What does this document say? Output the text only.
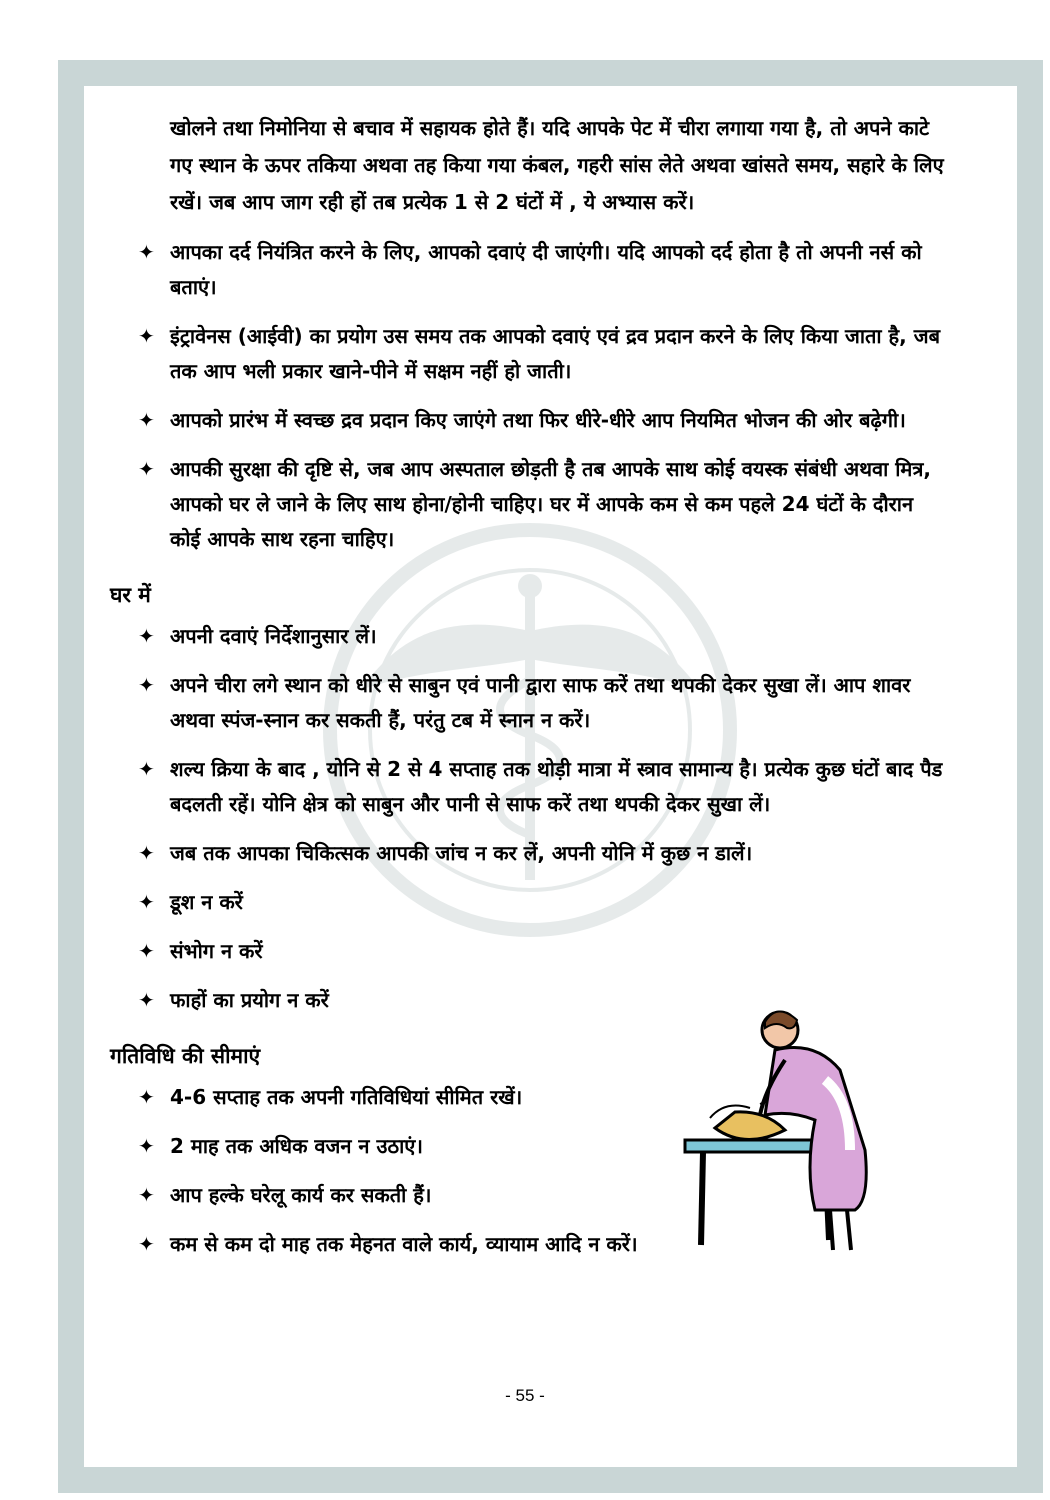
खोलने तथा निमोनिया से बचाव में सहायक होते हैं। यदि आपके पेट में चीरा लगाया गया है, तो अपने काटे गए स्थान के ऊपर तकिया अथवा तह किया गया कंबल, गहरी सांस लेते अथवा खांसते समय, सहारे के लिए रखें। जब आप जाग रही हों तब प्रत्येक 1 से 2 घंटों में , ये अभ्यास करें।

✦ आपका दर्द नियंत्रित करने के लिए, आपको दवाएं दी जाएंगी। यदि आपको दर्द होता है तो अपनी नर्स को बताएं।
✦ इंट्रावेनस (आईवी) का प्रयोग उस समय तक आपको दवाएं एवं द्रव प्रदान करने के लिए किया जाता है, जब तक आप भली प्रकार खाने-पीने में सक्षम नहीं हो जाती।
✦ आपको प्रारंभ में स्वच्छ द्रव प्रदान किए जाएंगे तथा फिर धीरे-धीरे आप नियमित भोजन की ओर बढ़ेगी।
✦ आपकी सुरक्षा की दृष्टि से, जब आप अस्पताल छोड़ती है तब आपके साथ कोई वयस्क संबंधी अथवा मित्र, आपको घर ले जाने के लिए साथ होना/होनी चाहिए। घर में आपके कम से कम पहले 24 घंटों के दौरान कोई आपके साथ रहना चाहिए।
घर में
✦ अपनी दवाएं निर्देशानुसार लें।
✦ अपने चीरा लगे स्थान को धीरे से साबुन एवं पानी द्वारा साफ करें तथा थपकी देकर सुखा लें। आप शावर अथवा स्पंज-स्नान कर सकती हैं, परंतु टब में स्नान न करें।
✦ शल्य क्रिया के बाद , योनि से 2 से 4 सप्ताह तक थोड़ी मात्रा में स्त्राव सामान्य है। प्रत्येक कुछ घंटों बाद पैड बदलती रहें। योनि क्षेत्र को साबुन और पानी से साफ करें तथा थपकी देकर सुखा लें।
✦ जब तक आपका चिकित्सक आपकी जांच न कर लें, अपनी योनि में कुछ न डालें।
✦ डूश न करें
✦ संभोग न करें
✦ फाहों का प्रयोग न करें
गतिविधि की सीमाएं
✦ 4-6 सप्ताह तक अपनी गतिविधियां सीमित रखें।
✦ 2 माह तक अधिक वजन न उठाएं।
✦ आप हल्के घरेलू कार्य कर सकती हैं।
✦ कम से कम दो माह तक मेहनत वाले कार्य, व्यायाम आदि न करें।
- 55 -
